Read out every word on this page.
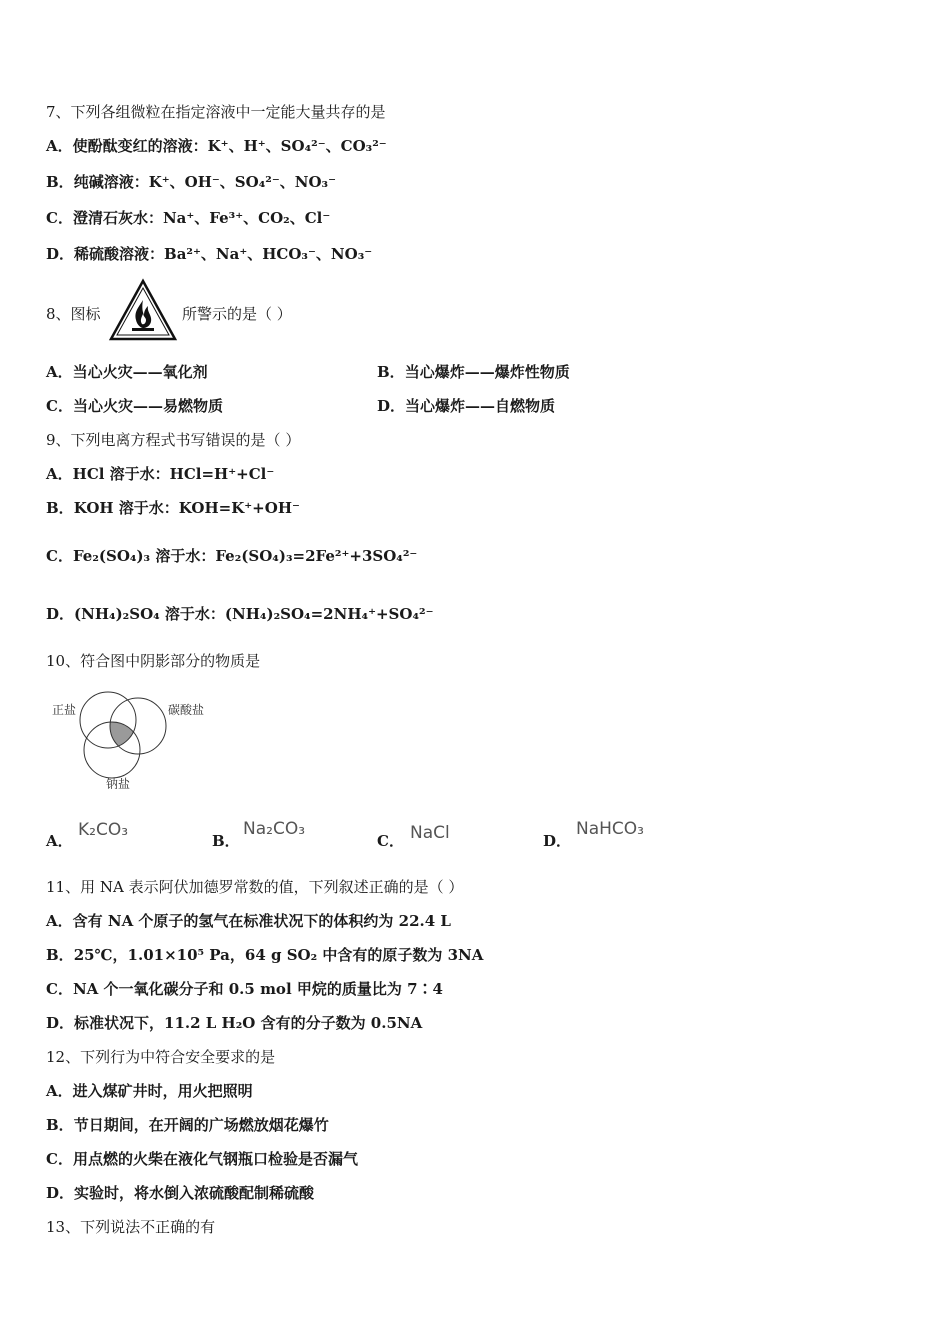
7、下列各组微粒在指定溶液中一定能大量共存的是
A．使酚酞变红的溶液：K⁺、H⁺、SO₄²⁻、CO₃²⁻
B．纯碱溶液：K⁺、OH⁻、SO₄²⁻、NO₃⁻
C．澄清石灰水：Na⁺、Fe³⁺、CO₂、Cl⁻
D．稀硫酸溶液：Ba²⁺、Na⁺、HCO₃⁻、NO₃⁻
8、图标	所警示的是（ ）
A．当心火灾——氧化剂	B．当心爆炸——爆炸性物质
C．当心火灾——易燃物质	D．当心爆炸——自燃物质
9、下列电离方程式书写错误的是（ ）
A．HCl 溶于水：HCl=H⁺+Cl⁻
B．KOH 溶于水：KOH=K⁺+OH⁻
C．Fe₂(SO₄)₃ 溶于水：Fe₂(SO₄)₃=2Fe²⁺+3SO₄²⁻
D．(NH₄)₂SO₄ 溶于水：(NH₄)₂SO₄=2NH₄⁺+SO₄²⁻
10、符合图中阴影部分的物质是
正盐	碳酸盐
钠盐
A．
K₂CO₃
B．
Na₂CO₃
C． NaCl	D．
NaHCO₃
11、用 NA 表示阿伏加德罗常数的值，下列叙述正确的是（ ）
A．含有 NA 个原子的氢气在标准状况下的体积约为 22.4 L
B．25℃，1.01×10⁵ Pa，64 g SO₂ 中含有的原子数为 3NA
C．NA 个一氧化碳分子和 0.5 mol 甲烷的质量比为 7∶4
D．标准状况下，11.2 L H₂O 含有的分子数为 0.5NA
12、下列行为中符合安全要求的是
A．进入煤矿井时，用火把照明
B．节日期间，在开阔的广场燃放烟花爆竹
C．用点燃的火柴在液化气钢瓶口检验是否漏气
D．实验时，将水倒入浓硫酸配制稀硫酸
13、下列说法不正确的有
